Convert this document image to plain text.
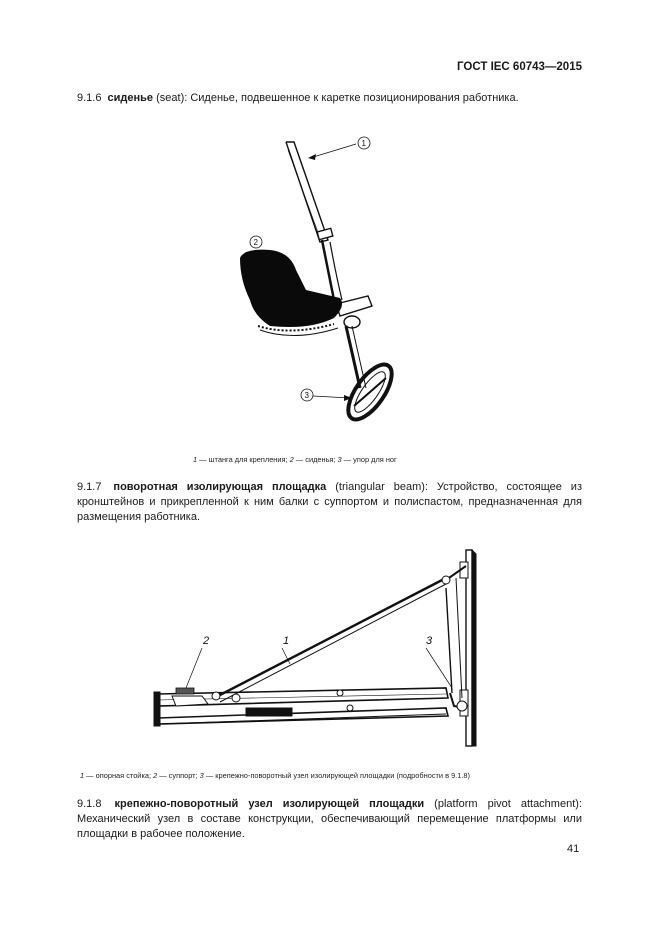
ГОСТ IEC 60743—2015
9.1.6 сиденье (seat): Сиденье, подвешенное к каретке позиционирования работника.
1
2
3
1 — штанга для крепления; 2 — сиденья; 3 — упор для ног
9.1.7 поворотная изолирующая площадка (triangular beam): Устройство, состоящее из кронштейнов и прикрепленной к ним балки с суппортом и полиспастом, предназначенная для размещения работника.
2	1	3
1 — опорная стойка; 2 — суппорт; 3 — крепежно-поворотный узел изолирующей площадки (подробности в 9.1.8)
9.1.8 крепежно-поворотный узел изолирующей площадки (platform pivot attachment): Механический узел в составе конструкции, обеспечивающий перемещение платформы или площадки в рабочее положение.
41
